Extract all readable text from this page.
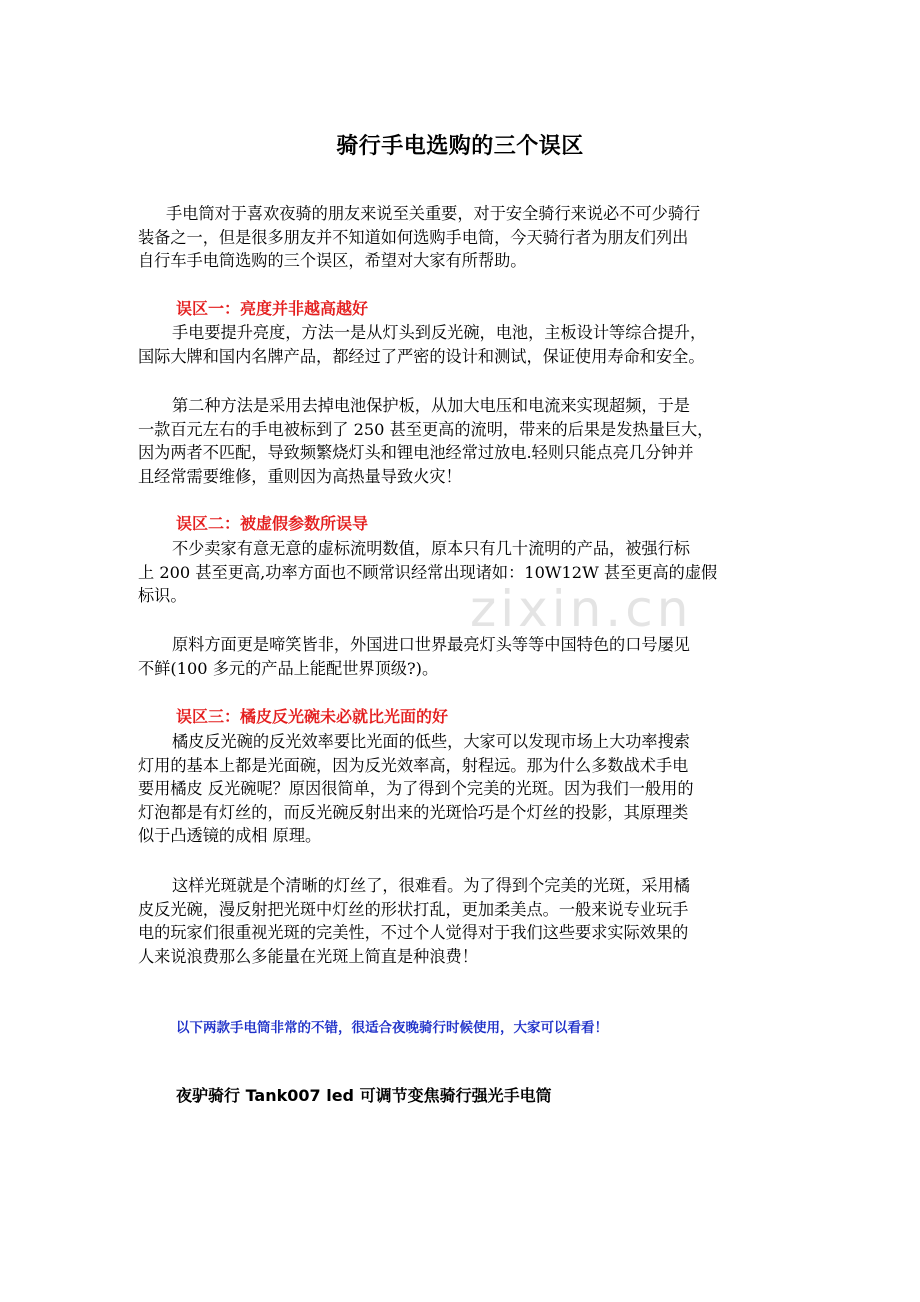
zixin.cn
骑行手电选购的三个误区
手电筒对于喜欢夜骑的朋友来说至关重要，对于安全骑行来说必不可少骑行
装备之一，但是很多朋友并不知道如何选购手电筒，今天骑行者为朋友们列出
自行车手电筒选购的三个误区，希望对大家有所帮助。
误区一：亮度并非越高越好
手电要提升亮度，方法一是从灯头到反光碗，电池，主板设计等综合提升，
国际大牌和国内名牌产品，都经过了严密的设计和测试，保证使用寿命和安全。
第二种方法是采用去掉电池保护板，从加大电压和电流来实现超频，于是
一款百元左右的手电被标到了 250 甚至更高的流明，带来的后果是发热量巨大，
因为两者不匹配，导致频繁烧灯头和锂电池经常过放电.轻则只能点亮几分钟并
且经常需要维修，重则因为高热量导致火灾！
误区二：被虚假参数所误导
不少卖家有意无意的虚标流明数值，原本只有几十流明的产品，被强行标
上 200 甚至更高,功率方面也不顾常识经常出现诸如：10W12W 甚至更高的虚假
标识。
原料方面更是啼笑皆非，外国进口世界最亮灯头等等中国特色的口号屡见
不鲜(100 多元的产品上能配世界顶级?)。
误区三：橘皮反光碗未必就比光面的好
橘皮反光碗的反光效率要比光面的低些，大家可以发现市场上大功率搜索
灯用的基本上都是光面碗，因为反光效率高，射程远。那为什么多数战术手电
要用橘皮 反光碗呢？原因很简单，为了得到个完美的光斑。因为我们一般用的
灯泡都是有灯丝的，而反光碗反射出来的光斑恰巧是个灯丝的投影，其原理类
似于凸透镜的成相 原理。
这样光斑就是个清晰的灯丝了，很难看。为了得到个完美的光斑，采用橘
皮反光碗，漫反射把光斑中灯丝的形状打乱，更加柔美点。一般来说专业玩手
电的玩家们很重视光斑的完美性，不过个人觉得对于我们这些要求实际效果的
人来说浪费那么多能量在光斑上简直是种浪费！
以下两款手电筒非常的不错，很适合夜晚骑行时候使用，大家可以看看！
夜驴骑行 Tank007 led 可调节变焦骑行强光手电筒
